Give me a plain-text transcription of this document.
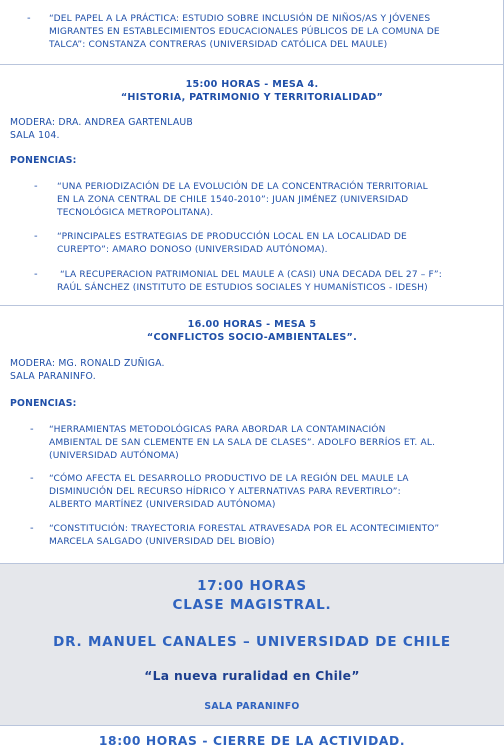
- “DEL PAPEL A LA PRÁCTICA: ESTUDIO SOBRE INCLUSIÓN DE NIÑOS/AS Y JÓVENES
MIGRANTES EN ESTABLECIMIENTOS EDUCACIONALES PÚBLICOS DE LA COMUNA DE
TALCA”: CONSTANZA CONTRERAS (UNIVERSIDAD CATÓLICA DEL MAULE)
15:00 HORAS - MESA 4.
“HISTORIA, PATRIMONIO Y TERRITORIALIDAD”
MODERA: DRA. ANDREA GARTENLAUB
SALA 104.
PONENCIAS:
- “UNA PERIODIZACIÓN DE LA EVOLUCIÓN DE LA CONCENTRACIÓN TERRITORIAL
EN LA ZONA CENTRAL DE CHILE 1540-2010”: JUAN JIMÉNEZ (UNIVERSIDAD
TECNOLÓGICA METROPOLITANA).
- “PRINCIPALES ESTRATEGIAS DE PRODUCCIÓN LOCAL EN LA LOCALIDAD DE
CUREPTO”: AMARO DONOSO (UNIVERSIDAD AUTÓNOMA).
- “LA RECUPERACION PATRIMONIAL DEL MAULE A (CASI) UNA DECADA DEL 27 – F”:
RAÚL SÁNCHEZ (INSTITUTO DE ESTUDIOS SOCIALES Y HUMANÍSTICOS - IDESH)
16.00 HORAS - MESA 5
“CONFLICTOS SOCIO-AMBIENTALES”.
MODERA: MG. RONALD ZUÑIGA.
SALA PARANINFO.
PONENCIAS:
- “HERRAMIENTAS METODOLÓGICAS PARA ABORDAR LA CONTAMINACIÓN
AMBIENTAL DE SAN CLEMENTE EN LA SALA DE CLASES”. ADOLFO BERRÍOS ET. AL.
(UNIVERSIDAD AUTÓNOMA)
- “CÓMO AFECTA EL DESARROLLO PRODUCTIVO DE LA REGIÓN DEL MAULE LA
DISMINUCIÓN DEL RECURSO HÍDRICO Y ALTERNATIVAS PARA REVERTIRLO”:
ALBERTO MARTÍNEZ (UNIVERSIDAD AUTÓNOMA)
- “CONSTITUCIÓN: TRAYECTORIA FORESTAL ATRAVESADA POR EL ACONTECIMIENTO”
MARCELA SALGADO (UNIVERSIDAD DEL BIOBÍO)
17:00 HORAS
CLASE MAGISTRAL.
DR. MANUEL CANALES – UNIVERSIDAD DE CHILE
“La nueva ruralidad en Chile”
SALA PARANINFO
18:00 HORAS - CIERRE DE LA ACTIVIDAD.
